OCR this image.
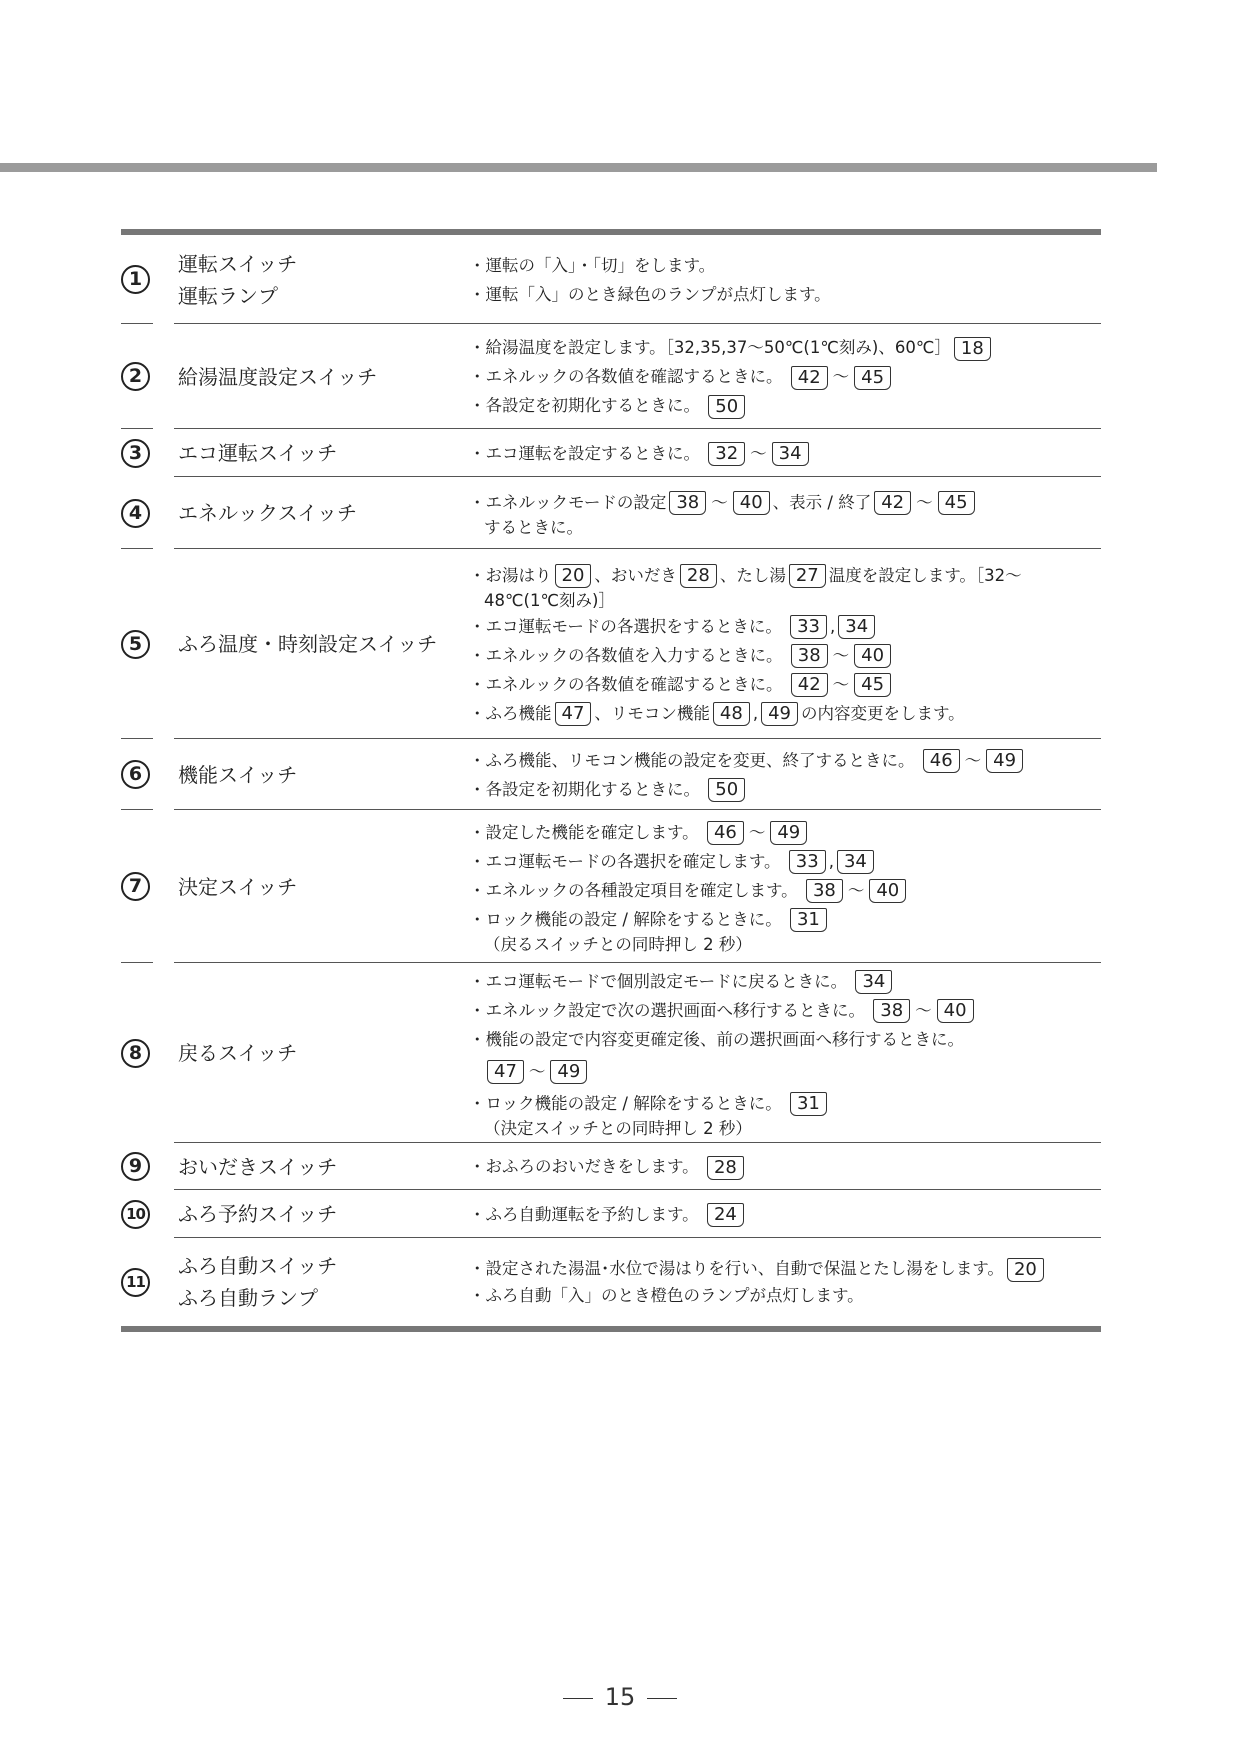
1
運転スイッチ
運転ランプ
・運転の「入」・「切」をします。
・運転「入」のとき緑色のランプが点灯します。
2	給湯温度設定スイッチ
・給湯温度を設定します。［32,35,37～50℃(1℃刻み)、60℃］ 18
・エネルックの各数値を確認するときに。 42 ～ 45
・各設定を初期化するときに。 50
3	エコ運転スイッチ	・エコ運転を設定するときに。 32 ～ 34
4	エネルックスイッチ	・エネルックモードの設定 38 ～ 40 、表示 / 終了 42 ～ 45
するときに。
5	ふろ温度・時刻設定スイッチ
・お湯はり 20 、おいだき 28 、たし湯 27 温度を設定します。［32～
48℃(1℃刻み)］
・エコ運転モードの各選択をするときに。 33 , 34
・エネルックの各数値を入力するときに。 38 ～ 40
・エネルックの各数値を確認するときに。 42 ～ 45
・ふろ機能 47 、リモコン機能 48 , 49 の内容変更をします。
6	機能スイッチ
・ふろ機能、リモコン機能の設定を変更、終了するときに。 46 ～ 49
・各設定を初期化するときに。 50
7	決定スイッチ
・設定した機能を確定します。 46 ～ 49
・エコ運転モードの各選択を確定します。 33 , 34
・エネルックの各種設定項目を確定します。 38 ～ 40
・ロック機能の設定 / 解除をするときに。 31
（戻るスイッチとの同時押し 2 秒）
8	戻るスイッチ
・エコ運転モードで個別設定モードに戻るときに。 34
・エネルック設定で次の選択画面へ移行するときに。 38 ～ 40
・機能の設定で内容変更確定後、前の選択画面へ移行するときに。
47 ～ 49
・ロック機能の設定 / 解除をするときに。 31
（決定スイッチとの同時押し 2 秒）
9	おいだきスイッチ	・おふろのおいだきをします。 28
10 ふろ予約スイッチ	・ふろ自動運転を予約します。 24
11
ふろ自動スイッチ
ふろ自動ランプ
・設定された湯温･水位で湯はりを行い、自動で保温とたし湯をします。 20
・ふろ自動「入」のとき橙色のランプが点灯します。
15
